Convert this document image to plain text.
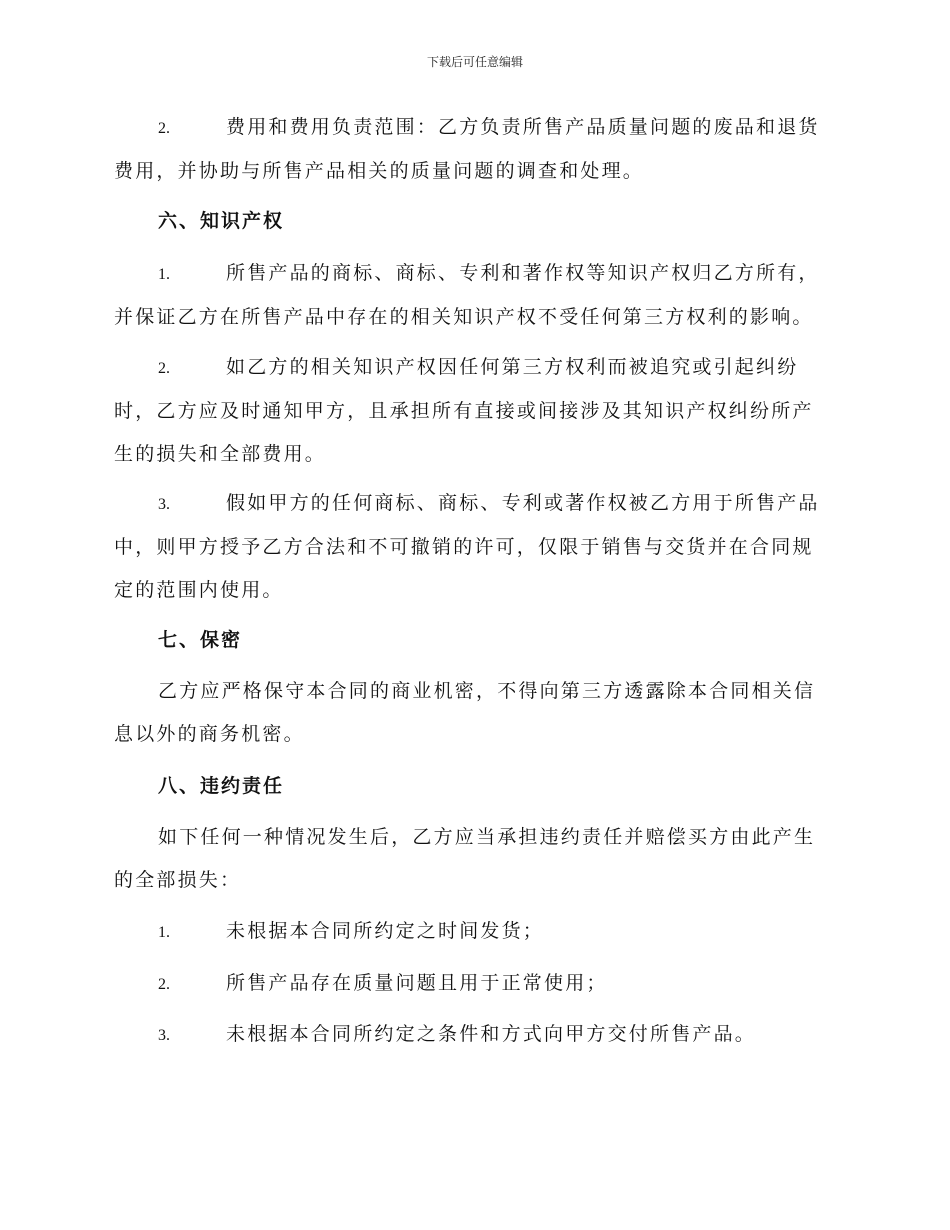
下载后可任意编辑
2.	费用和费用负责范围：乙方负责所售产品质量问题的废品和退货费用，并协助与所售产品相关的质量问题的调查和处理。
六、知识产权
1.	所售产品的商标、商标、专利和著作权等知识产权归乙方所有，并保证乙方在所售产品中存在的相关知识产权不受任何第三方权利的影响。
2.	如乙方的相关知识产权因任何第三方权利而被追究或引起纠纷时，乙方应及时通知甲方，且承担所有直接或间接涉及其知识产权纠纷所产生的损失和全部费用。
3.	假如甲方的任何商标、商标、专利或著作权被乙方用于所售产品中，则甲方授予乙方合法和不可撤销的许可，仅限于销售与交货并在合同规定的范围内使用。
七、保密
乙方应严格保守本合同的商业机密，不得向第三方透露除本合同相关信息以外的商务机密。
八、违约责任
如下任何一种情况发生后，乙方应当承担违约责任并赔偿买方由此产生的全部损失：
1.	未根据本合同所约定之时间发货；
2.	所售产品存在质量问题且用于正常使用；
3.	未根据本合同所约定之条件和方式向甲方交付所售产品。
